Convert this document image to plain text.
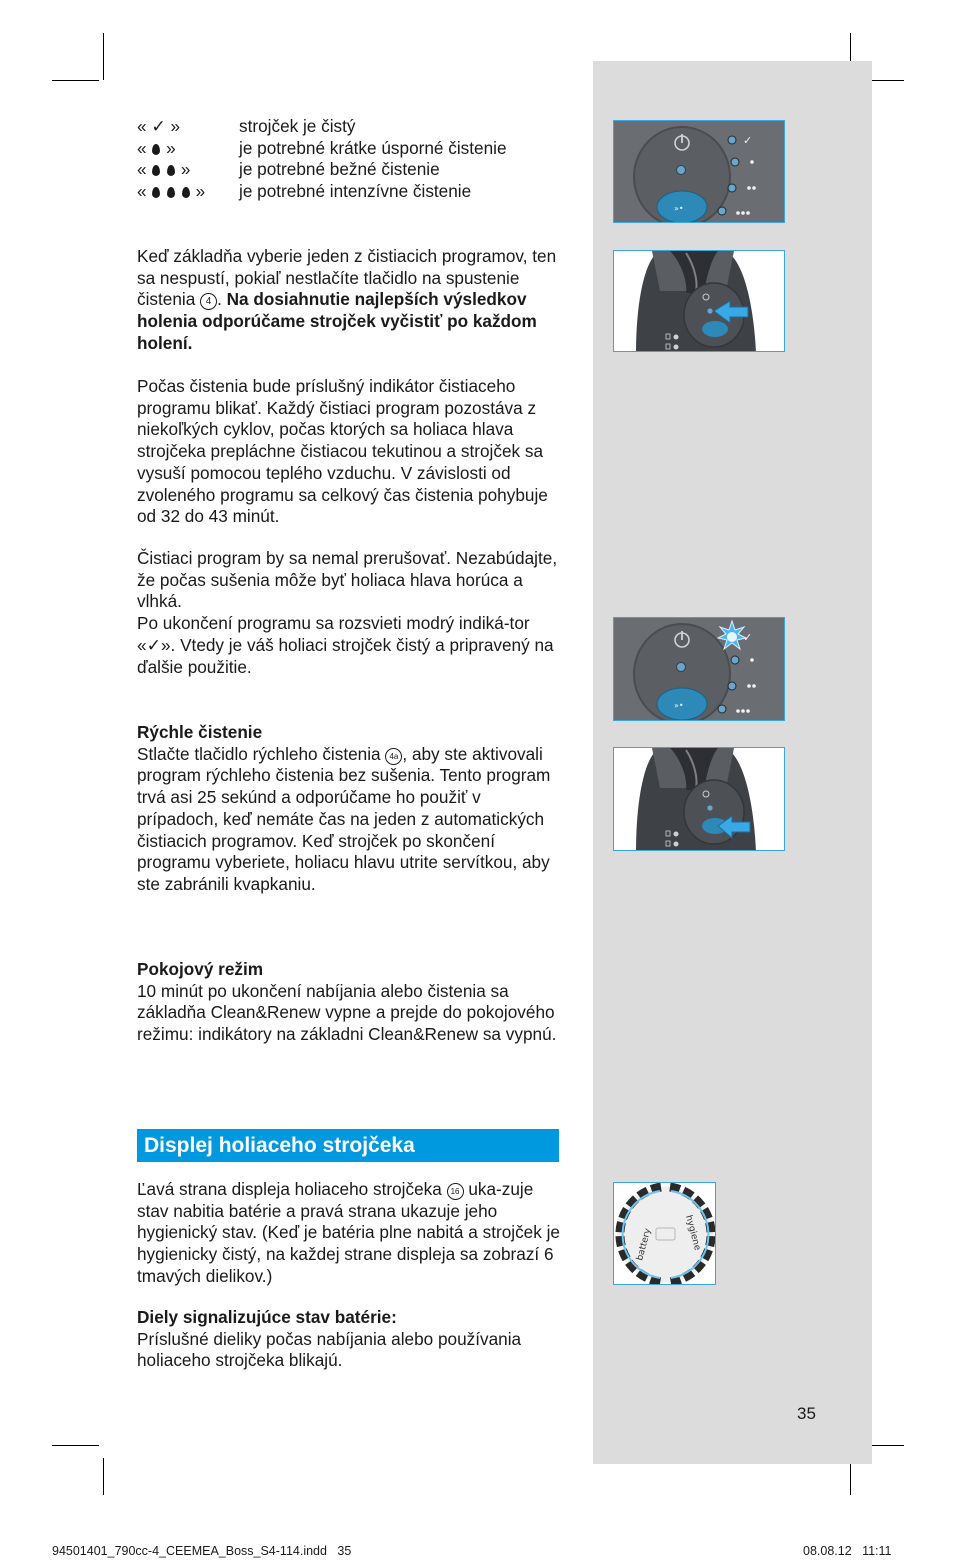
« ✓ »	strojček je čistý
«  »	je potrebné krátke úsporné čistenie
«   »	je potrebné bežné čistenie
«    »	je potrebné intenzívne čistenie

Keď základňa vyberie jeden z čistiacich programov, ten sa nespustí, pokiaľ nestlačíte tlačidlo na spustenie čistenia 4 . Na dosiahnutie najlepších výsledkov holenia odporúčame strojček vyčistiť po každom holení.

Počas čistenia bude príslušný indikátor čistiaceho programu blikať. Každý čistiaci program pozostáva z niekoľkých cyklov, počas ktorých sa holiaca hlava strojčeka prepláchne čistiacou tekutinou a strojček sa vysuší pomocou teplého vzduchu. V závislosti od zvoleného programu sa celkový čas čistenia pohybuje od 32 do 43 minút.

Čistiaci program by sa nemal prerušovať. Nezabúdajte, že počas sušenia môže byť holiaca hlava horúca a vlhká.

Po ukončení programu sa rozsvieti modrý indiká-tor «✓». Vtedy je váš holiaci strojček čistý a pripravený na ďalšie použitie.

Rýchle čistenie

Stlačte tlačidlo rýchleho čistenia 4a , aby ste aktivovali program rýchleho čistenia bez sušenia. Tento program trvá asi 25 sekúnd a odporúčame ho použiť v prípadoch, keď nemáte čas na jeden z automatických čistiacich programov. Keď strojček po skončení programu vyberiete, holiacu hlavu utrite servítkou, aby ste zabránili kvapkaniu.

Pokojový režim

10 minút po ukončení nabíjania alebo čistenia sa základňa Clean&Renew vypne a prejde do pokojového režimu: indikátory na základni Clean&Renew sa vypnú.

Displej holiaceho strojčeka

Ľavá strana displeja holiaceho strojčeka 16 uka-zuje stav nabitia batérie a pravá strana ukazuje jeho hygienický stav. (Keď je batéria plne nabitá a strojček je hygienicky čistý, na každej strane displeja sa zobrazí 6 tmavých dielikov.)

Diely signalizujúce stav batérie:

Príslušné dieliky počas nabíjania alebo používania holiaceho strojčeka blikajú.

»•
✓
»•
✓
battery	hygiene
35
94501401_790cc-4_CEEMEA_Boss_S4-114.indd   35	08.08.12   11:11
